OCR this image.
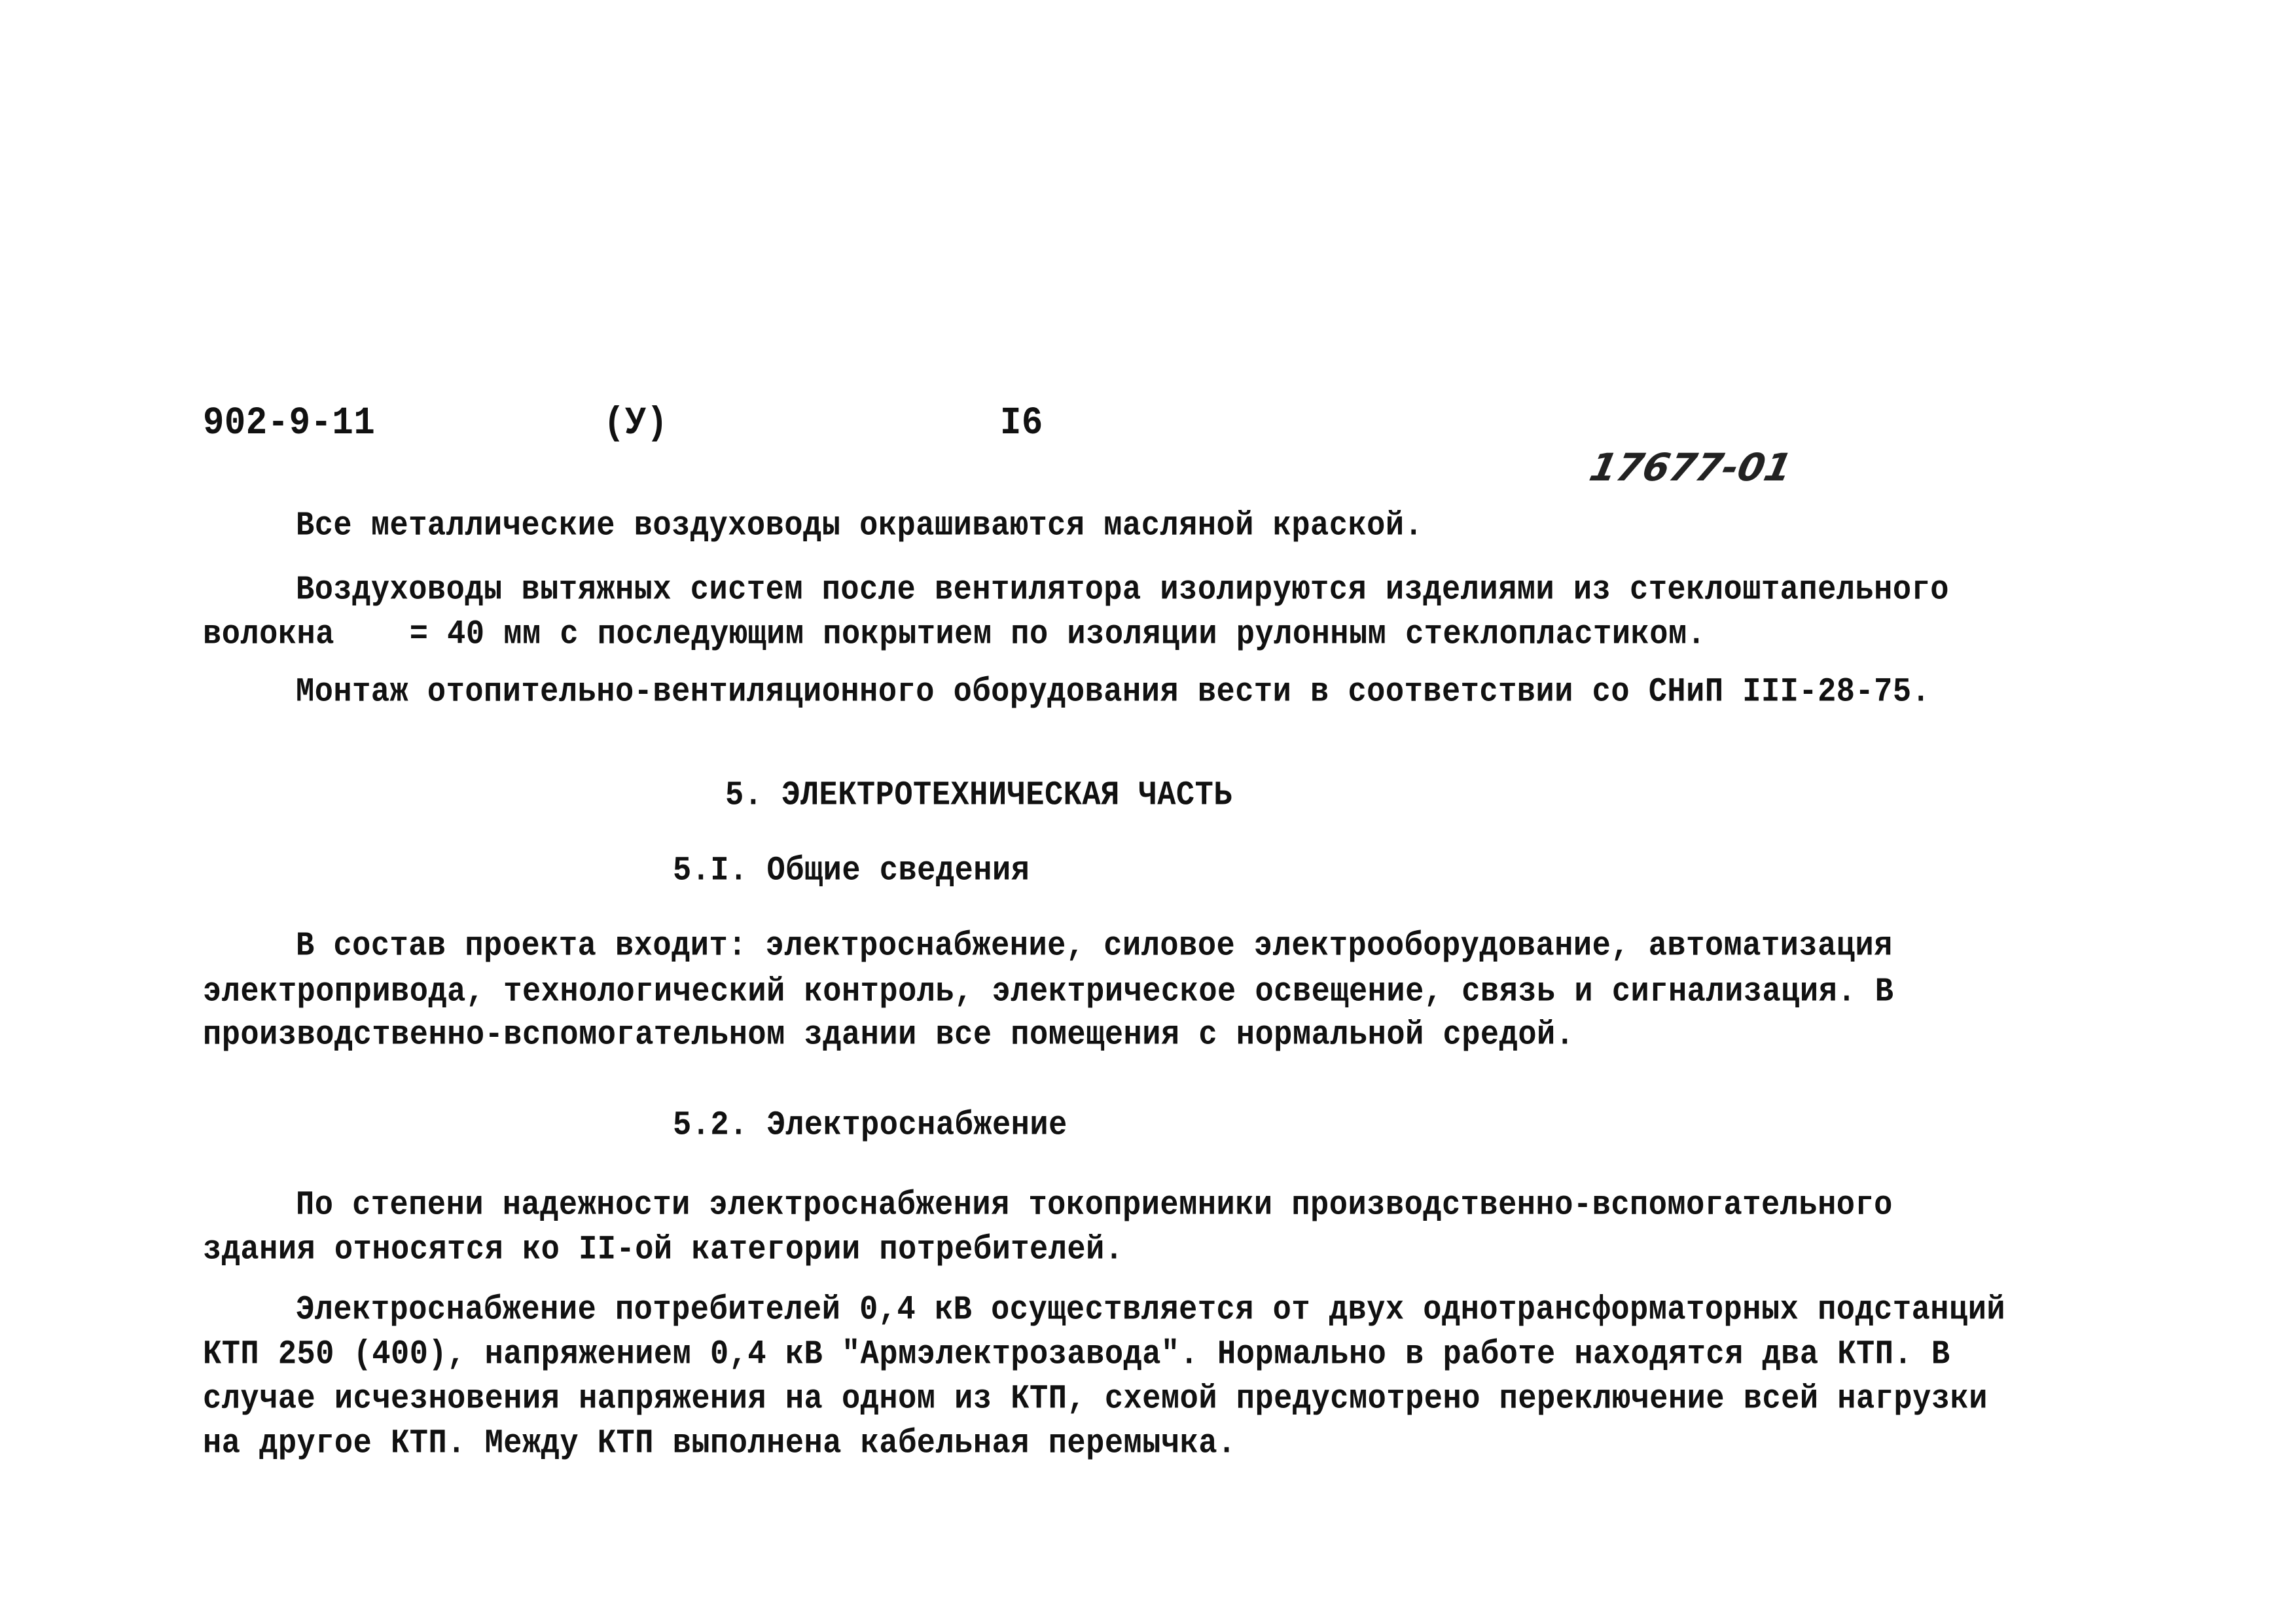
902-9-11	(У)	I6
17677-01
Все металлические воздуховоды окрашиваются масляной краской.
Воздуховоды вытяжных систем после вентилятора изолируются изделиями из стеклоштапельного
волокна    = 40 мм с последующим покрытием по изоляции рулонным стеклопластиком.
Монтаж отопительно-вентиляционного оборудования вести в соответствии со СНиП III-28-75.
5. ЭЛЕКТРОТЕХНИЧЕСКАЯ ЧАСТЬ
5.I. Общие сведения
В состав проекта входит: электроснабжение, силовое электрооборудование, автоматизация
электропривода, технологический контроль, электрическое освещение, связь и сигнализация. В
производственно-вспомогательном здании все помещения с нормальной средой.
5.2. Электроснабжение
По степени надежности электроснабжения токоприемники производственно-вспомогательного
здания относятся ко II-ой категории потребителей.
Электроснабжение потребителей 0,4 кВ осуществляется от двух однотрансформаторных подстанций
КТП 250 (400), напряжением 0,4 кВ "Армэлектрозавода". Нормально в работе находятся два КТП. В
случае исчезновения напряжения на одном из КТП, схемой предусмотрено переключение всей нагрузки
на другое КТП. Между КТП выполнена кабельная перемычка.
